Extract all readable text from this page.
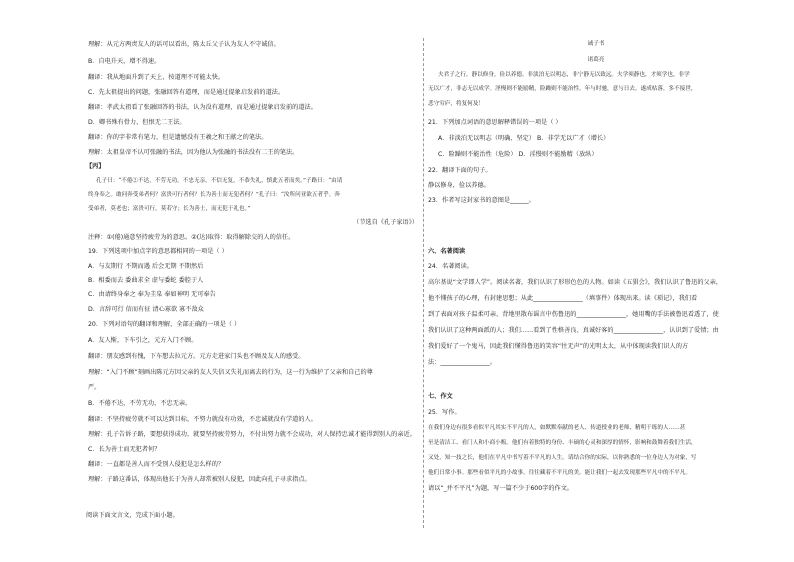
理解：从元方两责友人的话可以看出，陈太丘父子认为友人不守诚信。
B．自电升天，增不得速。
翻译：我从地面升到了天上，按道理不可能太快。
C．先太祖提出的问题，张融回答有道理，而是通过提象启发前的道法。
翻译：孝武太祖看了张融回答的书法，认为没有道理，而是通过提象启发前的道法。
D．卿书殊有骨力，但恨无二王法。
翻译：你的字非常有笔力，但是遗憾没有王羲之和王献之的笔法。
理解：太祖皇帝不认可张融的书法，因为他认为张融的书法没有二王的笔法。
【丙】
孔子曰：“不倦②不达，不劳无功，不忠无亲，不信无复，不恭失礼，慎此五者而矣。”子路曰：“由请
终身奉之。敢问奔受弟者何？富贵可行者何？长为善士而无犯者何？”孔子曰：“汝所问亚欲五者乎。奔
受弟者，莫老也；富贵可行，莫若守；长为善士，而无犯于礼也。”
（节选自《孔子家语》）
注释：①(倦)通意坚持疲劳为的意思。②(达)取得：取得解除交的人的信任。
19．下列选项中加点字的意思都相同的一项是（ ）
A．与友期行 不期而遇 后会无期 不期然后
B．相委而去 委曲求全 虚与委蛇 委腔于人
C．由请终身奉之 奉为圭臬 奉如神明 无可奉告
D．言辞可行 信而有征 清心寡欲 寡不敌众
20．下列对语句的翻译和理解，全部正确的一项是（ ）
A．友人惭，下车引之，元方入门不顾。
翻译：朋友感到有愧，下车想去拉元方。元方走进家门头也不顾及友人的感受。
理解：“入门不顾”刻画出陈元方因父亲的友人失信又失礼而离去的行为，这一行为维护了父亲和自己的尊
严。
B．不倦不达，不劳无功，不忠无亲。
翻译：不坚持疲劳就不可以达到目标，不努力就没有功效，不忠诚就没有学道的人。
理解：孔子告诉子路，要想获得成功，就要坚持疲劳努力，不付出努力就不会成功，对人保持忠诚才能得到别人的亲近。
C．长为善士而无犯者何？
翻译：一直都是善人而不受别人侵犯是怎么样的？
理解：子路这番话，体现出他长于为善人却常被别人侵犯，因此向孔子寻求指点。
阅读下面文言文，完成下面小题。
诫子书
诸葛亮
夫君子之行，静以修身，俭以养德。非淡泊无以明志，非宁静无以致远。夫学须静也，才须学也，非学
无以广才，非志无以成学。淫慢则不能励精，险躁则不能治性。年与时驰，意与日去，遂成枯落，多不接世，
悲守穷庐，将复何及！
21．下列加点词语的意思解释错误的一项是（ ）
A．非淡泊无以明志（明确、坚定） B．非学无以广才（增长）
C．险躁则不能治性（危险） D．淫慢则不能励精（放纵）
22．翻译下面的句子。
静以修身，俭以养德。
23．作者写这封家书的意图是______。
六、名著阅读
24．名著阅读。
高尔基说“文学即人学”。阅读名著，我们认识了形形色色的人物。如读《五猖会》，我们认识了鲁迅的父亲，
他不懂孩子的心理，有封建思想；从此________________（填事件）体现出来。读《琐记》，我们看
到了表面对孩子温柔可亲、背地里散布谣言中伤鲁迅的________________，她用嘴的手法被鲁迅看透了，使
我们认识了这种两面派的人；我们……看到了性格善良、真诚好客的________________，认识到了爱情；由
我们爱好了一个鬼马，因此我们懂得鲁迅的笑容“往无声”的光明太太，从中体现读我们识人的方
法：________________。
七、作文
25．写作。
在我们身边有很多看似平凡其实不平凡的人，如默默奉献的老人、传道授业的老师、精明干练的人……甚
至是清洁工、看门人和小商小贩。他们有着独特的身份、丰硕的心灵和深厚的情怀，影响和鼓舞着我们生活，
又处，知一技之长，他们在平凡中书写着不平凡的人生。请结合你的实际，以你熟悉的一位身边人为对象，写
他们日常小事。那些看似平凡的小故事，往往藏着不平凡的美。能让我们一起去发现那些平凡中的不平凡。
请以“_并不平凡”为题，写一篇不少于600字的作文。
